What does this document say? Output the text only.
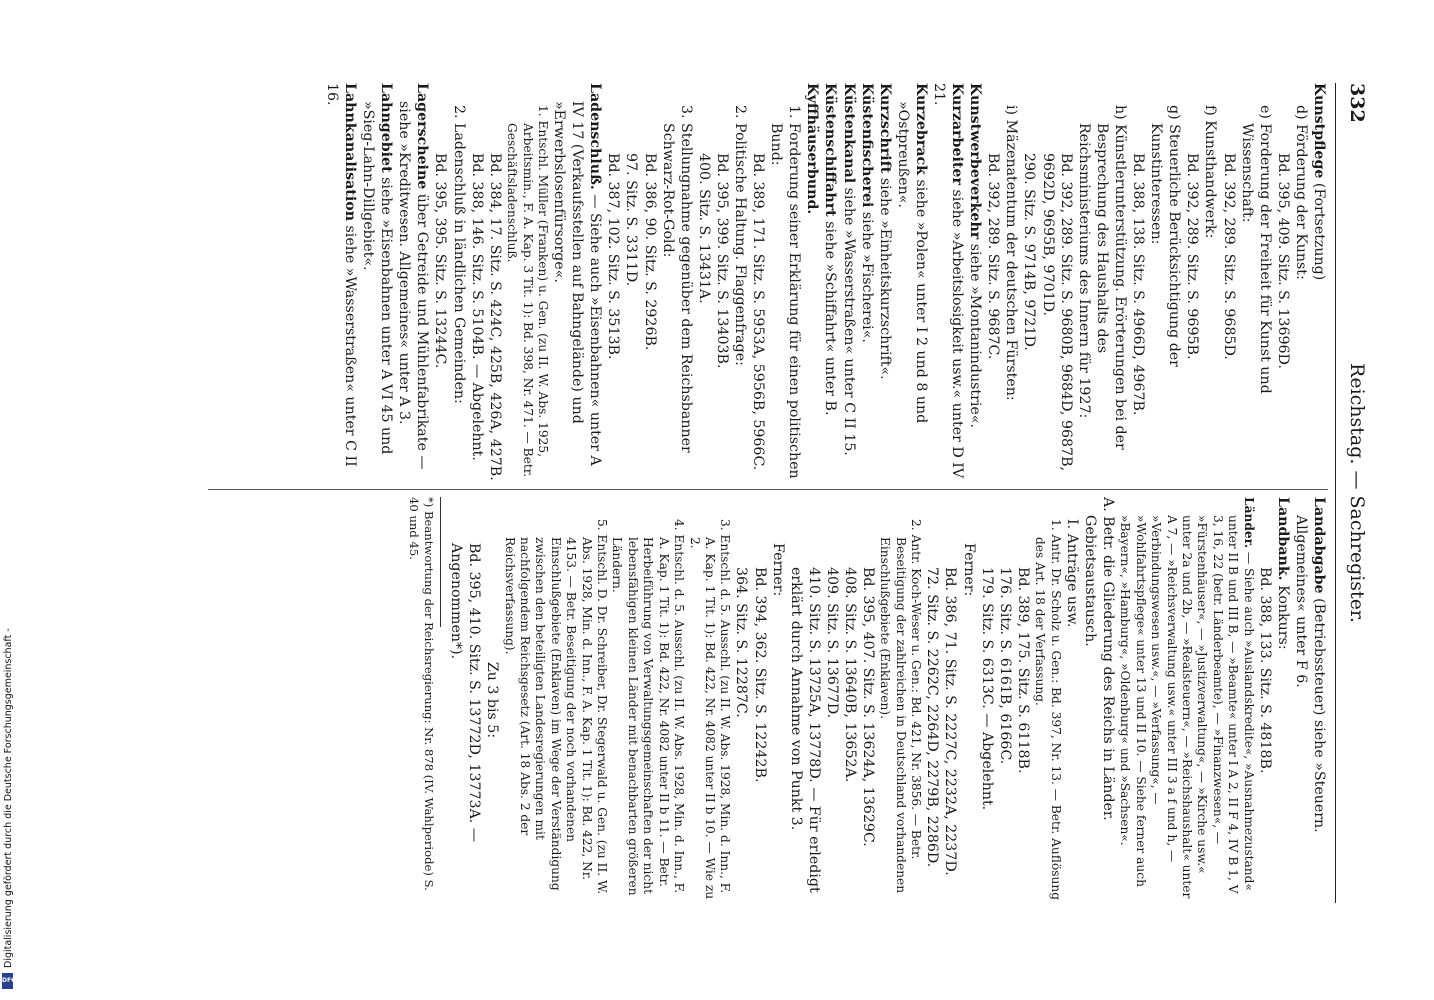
332
Reichstag. — Sachregister.
Kunstpflege (Fortsetzung)
d) Förderung der Kunst:
Bd. 395, 409. Sitz. S. 13696D.
e) Forderung der Freiheit für Kunst und Wissenschaft:
Bd. 392, 289. Sitz. S. 9685D.
f) Kunsthandwerk:
Bd. 392, 289. Sitz. S. 9695B.
g) Steuerliche Berücksichtigung der Kunstinteressen:
Bd. 388, 138. Sitz. S. 4966D, 4967B.
h) Künstlerunterstützung. Erörterungen bei der Besprechung des Haushalts des Reichsministeriums des Innern für 1927:
Bd. 392, 289. Sitz. S. 9680B, 9684D, 9687B, 9692D, 9695B, 9701D.
290. Sitz. S. 9714B, 9721D.
i) Mäzenatentum der deutschen Fürsten:
Bd. 392, 289. Sitz. S. 9687C.
Kunstwerbeverkehr siehe »Montanindustrie«.
Kurzarbeiter siehe »Arbeitslosigkeit usw.« unter D IV 21.
Kurzebrack siehe »Polen« unter I 2 und 8 und »Ostpreußen«.
Kurzschrift siehe »Einheitskurzschrift«.
Küstenfischerei siehe »Fischerei«.
Küstenkanal siehe »Wasserstraßen« unter C II 15.
Küstenschiffahrt siehe »Schiffahrt« unter B.
Kyffhäuserbund.
1. Forderung seiner Erklärung für einen politischen Bund:
Bd. 389, 171. Sitz. S. 5953A, 5956B, 5966C.
2. Politische Haltung. Flaggenfrage:
Bd. 395, 399. Sitz. S. 13403B.
400. Sitz. S. 13431A.
3. Stellungnahme gegenüber dem Reichsbanner Schwarz-Rot-Gold:
Bd. 386, 90. Sitz. S. 2926B.
97. Sitz. S. 3311D.
Bd. 387, 102. Sitz. S. 3513B.
Ladenschluß. — Siehe auch »Eisenbahnen« unter A IV 17 (Verkaufsstellen auf Bahngelände) und »Erwerbslosenfürsorge«.
1. Entschl. Müller (Franken) u. Gen. (zu II. W. Abs. 1925, Arbeitsmin., F. A. Kap. 3 Tit. 1): Bd. 398, Nr. 471. — Betr. Geschäftsladenschluß.
Bd. 384, 17. Sitz. S. 424C, 425B, 426A, 427B.
Bd. 388, 146. Sitz. S. 5104B. — Abgelehnt.
2. Ladenschluß in ländlichen Gemeinden:
Bd. 395, 395. Sitz. S. 13244C.
Lagerscheine über Getreide und Mühlenfabrikate — siehe »Kreditwesen. Allgemeines« unter A 3.
Lahngebiet siehe »Eisenbahnen unter A VI 45 und »Sieg-Lahn-Dillgebiet«.
Lahnkanalisation siehe »Wasserstraßen« unter C II 16.
Landabgabe (Betriebssteuer) siehe »Steuern. Allgemeines« unter F 6.
Landbank. Konkurs:
Bd. 388, 133. Sitz. S. 4818B.
Länder. — Siehe auch »Auslandskredite«, »Ausnahmezustand« unter II B und III B, — »Beamte« unter I A 2, II F 4, IV B 1, V 3, 16, 22 (betr. Länderbeamte), — »Finanzwesen«, — »Fürstenhäuser«, — »Justizverwaltung«, — »Kirche usw.« unter 2a und 2b, — »Realsteuern«, — »Reichshaushalt« unter A 7, — »Reichsverwaltung usw.« unter III 3 a f und h, — »Verbindungswesen usw.«, — »Verfassung«, — »Wohlfahrtspflege« unter 13 und II 10. — Siehe ferner auch »Bayern«, »Hamburg«, »Oldenburg« und »Sachsen«.
A. Betr. die Gliederung des Reichs in Länder. Gebietsaustausch.
I. Anträge usw.
1. Antr. Dr. Scholz u. Gen.: Bd. 397, Nr. 13. — Betr. Auflösung des Art. 18 der Verfassung.
Bd. 389, 175. Sitz. S. 6118B.
176. Sitz. S. 6161B, 6166C.
179. Sitz. S. 6313C. — Abgelehnt.
Ferner:
Bd. 386, 71. Sitz. S. 2227C, 2232A, 2237D.
72. Sitz. S. 2262C, 2264D, 2279B, 2286D.
2. Antr. Koch-Weser u. Gen.: Bd. 421, Nr. 3856. — Betr. Beseitigung der zahlreichen in Deutschland vorhandenen Einschlußgebiete (Enklaven).
Bd. 395, 407. Sitz. S. 13624A, 13629C.
408. Sitz. S. 13640B, 13652A.
409. Sitz. S. 13677D.
410. Sitz. S. 13725A, 13778D. — Für erledigt erklärt durch Annahme von Punkt 3.
Ferner:
Bd. 394, 362. Sitz. S. 12242B.
364. Sitz. S. 12287C.
3. Entschl. d. 5. Ausschl. (zu II. W. Abs. 1928, Min. d. Inn., F. A. Kap. 1 Tit. 1): Bd. 422, Nr. 4082 unter II b 10. — Wie zu 2.
4. Entschl. d. 5. Ausschl. (zu II. W. Abs. 1928, Min. d. Inn., F. A. Kap. 1 Tit. 1): Bd. 422, Nr. 4082 unter II b 11. — Betr. Herbeiführung von Verwaltungsgemeinschaften der nicht lebensfähigen kleinen Länder mit benachbarten größeren Ländern.
5. Entschl. D. Dr. Schreiber, Dr. Stegerwald u. Gen. (zu II. W. Abs. 1928, Min. d. Inn., F. A. Kap. 1 Tit. 1): Bd. 422, Nr. 4153. — Betr. Beseitigung der noch vorhandenen Einschlußgebiete (Enklaven) im Wege der Verständigung zwischen den beteiligten Landesregierungen mit nachfolgendem Reichsgesetz (Art. 18 Abs. 2 der Reichsverfassung).
Zu 3 bis 5:
Bd. 395, 410. Sitz. S. 13772D, 13773A. — Angenommen*).
*) Beantwortung der Reichsregierung: Nr. 878 (IV. Wahlperiode) S. 40 und 45.
Digitalisierung gefördert durch die Deutsche Forschungsgemeinschaft -
DFG
